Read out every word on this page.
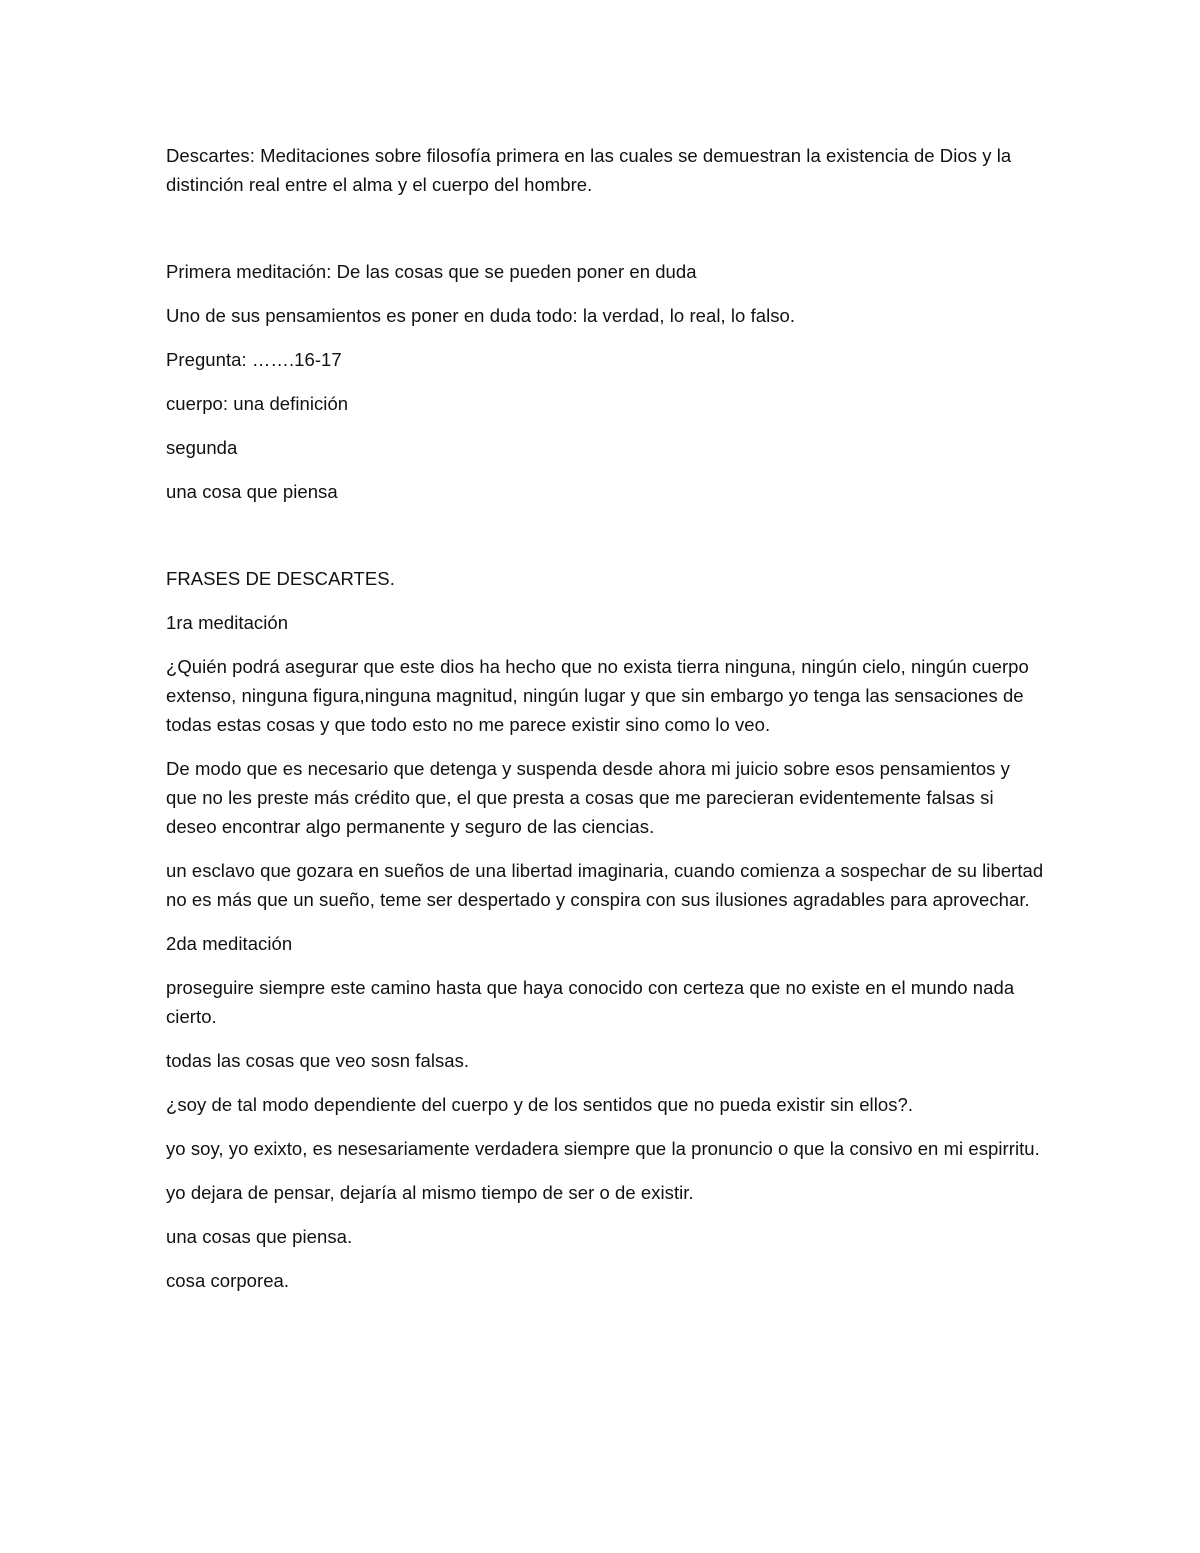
Descartes: Meditaciones sobre filosofía primera en las cuales se demuestran la existencia de Dios y la distinción real entre el alma y el cuerpo del hombre.

Primera meditación: De las cosas que se pueden poner en duda

Uno de sus pensamientos es poner en duda todo: la verdad, lo real, lo falso.

Pregunta: …….16-17

cuerpo: una definición

segunda

una cosa que piensa

FRASES DE DESCARTES.

1ra meditación

¿Quién podrá asegurar que este dios ha hecho que no exista tierra ninguna, ningún cielo, ningún cuerpo extenso, ninguna figura,ninguna magnitud, ningún lugar y que sin embargo yo tenga las sensaciones de todas estas cosas y que todo esto no me parece existir sino como lo veo.

De modo que es necesario que detenga y suspenda desde ahora mi juicio sobre esos pensamientos y que no les preste más crédito que, el que presta a cosas que me parecieran evidentemente falsas si deseo encontrar algo permanente y seguro de las ciencias.

un esclavo que gozara en sueños de una libertad imaginaria, cuando comienza a sospechar de su libertad no es más que un sueño, teme ser despertado y conspira con sus ilusiones agradables para aprovechar.

2da meditación

proseguire siempre este camino hasta que haya conocido con certeza que no existe en el mundo nada cierto.

todas las cosas que veo sosn falsas.

¿soy de tal modo dependiente del cuerpo y de los sentidos que no pueda existir sin ellos?.

yo soy, yo exixto, es nesesariamente verdadera siempre que la pronuncio o que la consivo en mi espirritu.

yo dejara de pensar, dejaría al mismo tiempo de ser o de existir.

una cosas que piensa.

cosa corporea.
